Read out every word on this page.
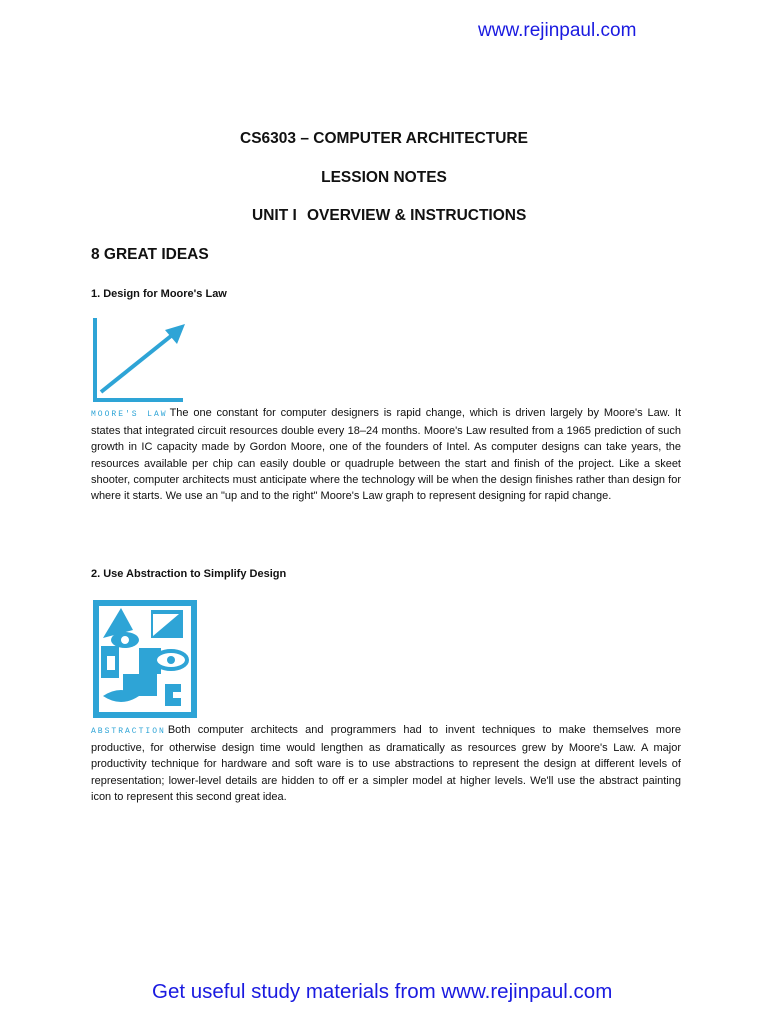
www.rejinpaul.com
CS6303 – COMPUTER ARCHITECTURE
LESSION NOTES
UNIT I OVERVIEW & INSTRUCTIONS
8 GREAT IDEAS
1. Design for Moore's Law
MOORE'S LAW The one constant for computer designers is rapid change, which is driven largely by Moore's Law. It states that integrated circuit resources double every 18–24 months. Moore's Law resulted from a 1965 prediction of such growth in IC capacity made by Gordon Moore, one of the founders of Intel. As computer designs can take years, the resources available per chip can easily double or quadruple between the start and finish of the project. Like a skeet shooter, computer architects must anticipate where the technology will be when the design finishes rather than design for where it starts. We use an "up and to the right" Moore's Law graph to represent designing for rapid change.
2. Use Abstraction to Simplify Design
ABSTRACTION Both computer architects and programmers had to invent techniques to make themselves more productive, for otherwise design time would lengthen as dramatically as resources grew by Moore's Law. A major productivity technique for hardware and soft ware is to use abstractions to represent the design at different levels of representation; lower-level details are hidden to off er a simpler model at higher levels. We'll use the abstract painting icon to represent this second great idea.
Get useful study materials from www.rejinpaul.com
